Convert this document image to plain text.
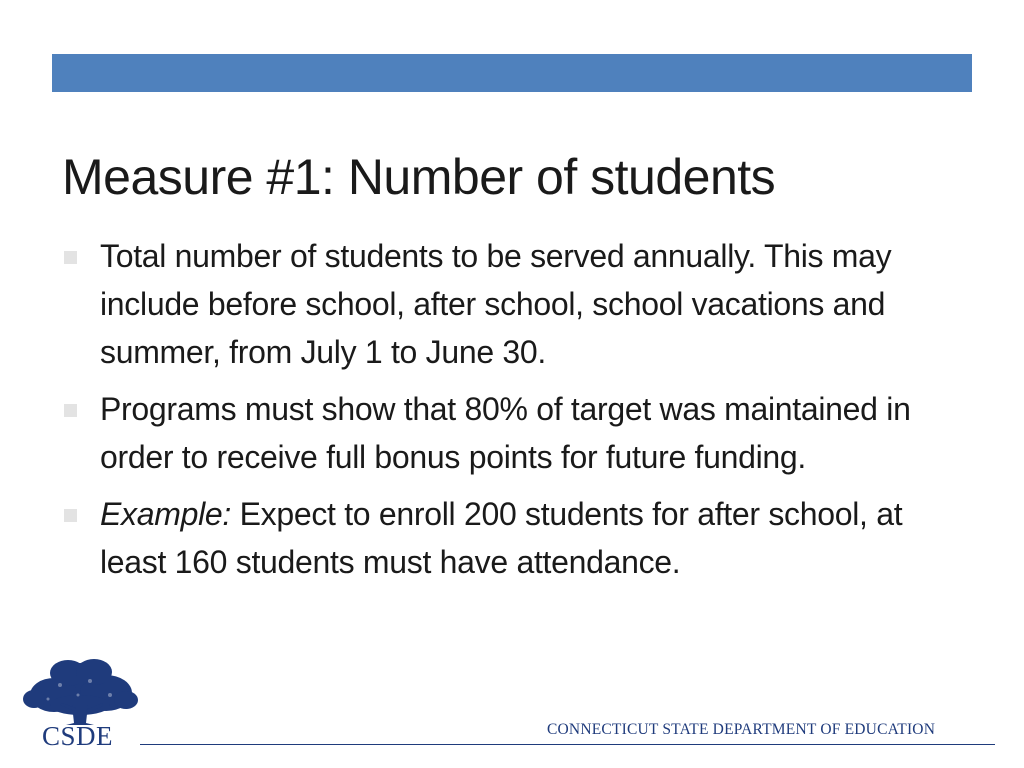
Measure #1: Number of students
Total number of students to be served annually. This may include before school, after school, school vacations and summer, from July 1 to June 30.
Programs must show that 80% of target was maintained in order to receive full bonus points for future funding.
Example: Expect to enroll 200 students for after school, at least 160 students must have attendance.

CSDE	CONNECTICUT STATE DEPARTMENT OF EDUCATION
